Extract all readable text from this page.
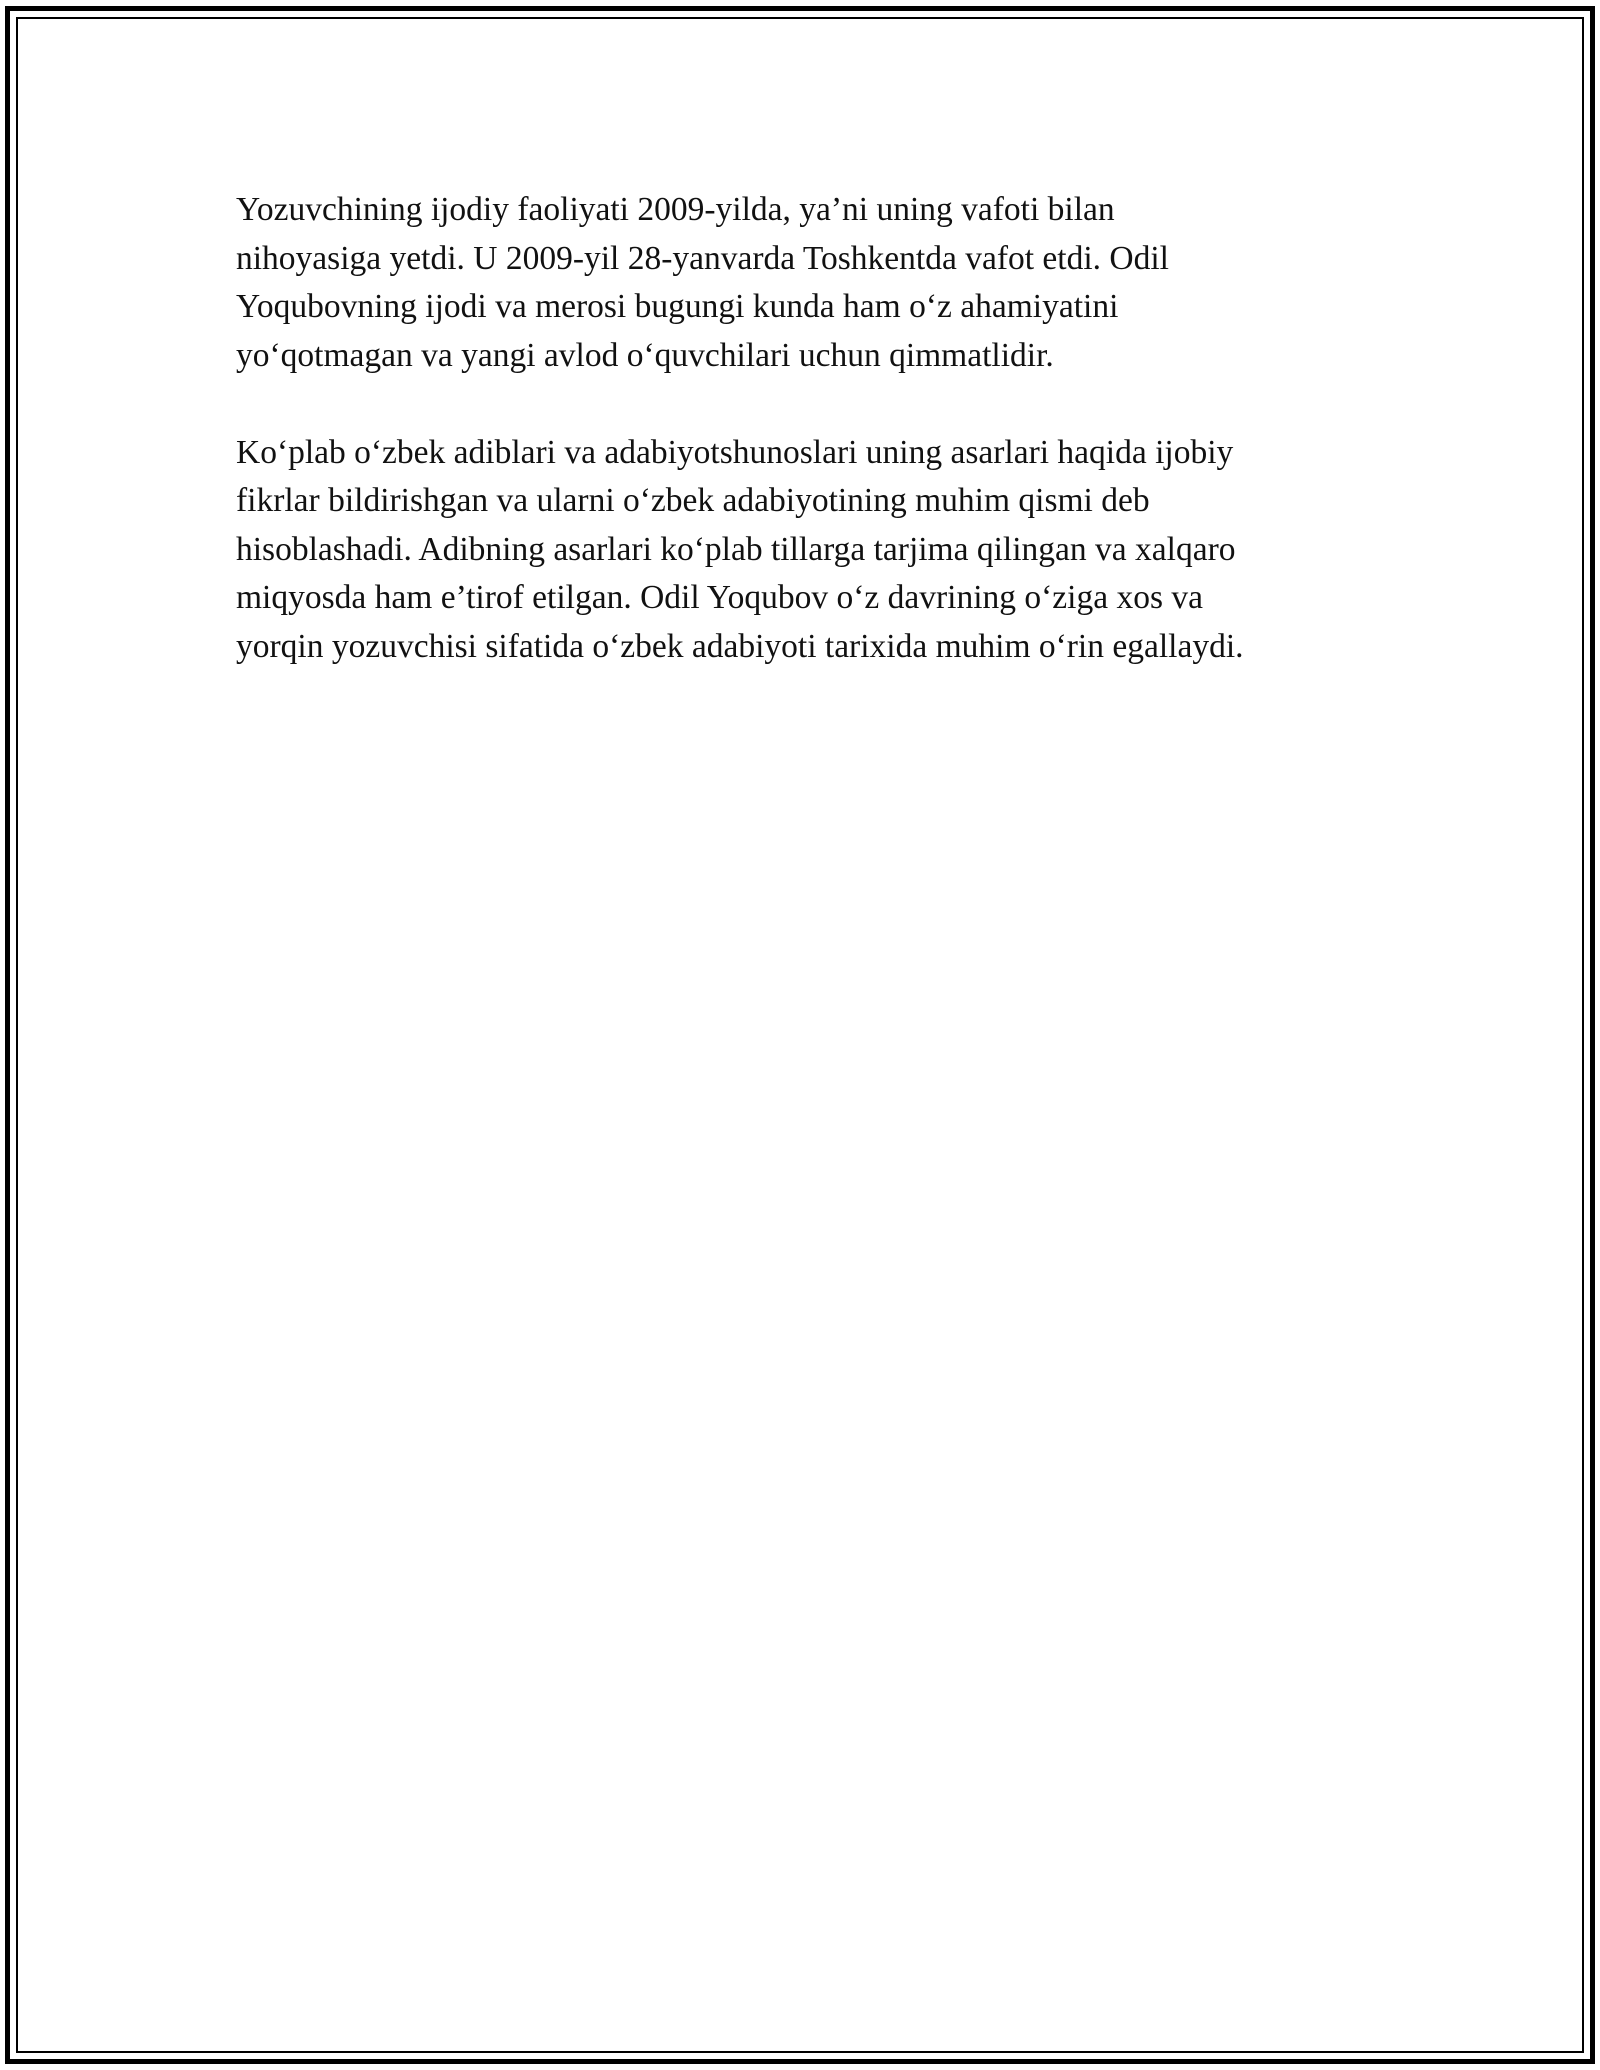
Yozuvchining ijodiy faoliyati 2009-yilda, ya’ni uning vafoti bilan
nihoyasiga yetdi. U 2009-yil 28-yanvarda Toshkentda vafot etdi. Odil
Yoqubovning ijodi va merosi bugungi kunda ham o‘z ahamiyatini
yo‘qotmagan va yangi avlod o‘quvchilari uchun qimmatlidir.

Ko‘plab o‘zbek adiblari va adabiyotshunoslari uning asarlari haqida ijobiy
fikrlar bildirishgan va ularni o‘zbek adabiyotining muhim qismi deb
hisoblashadi. Adibning asarlari ko‘plab tillarga tarjima qilingan va xalqaro
miqyosda ham e’tirof etilgan. Odil Yoqubov o‘z davrining o‘ziga xos va
yorqin yozuvchisi sifatida o‘zbek adabiyoti tarixida muhim o‘rin egallaydi.
